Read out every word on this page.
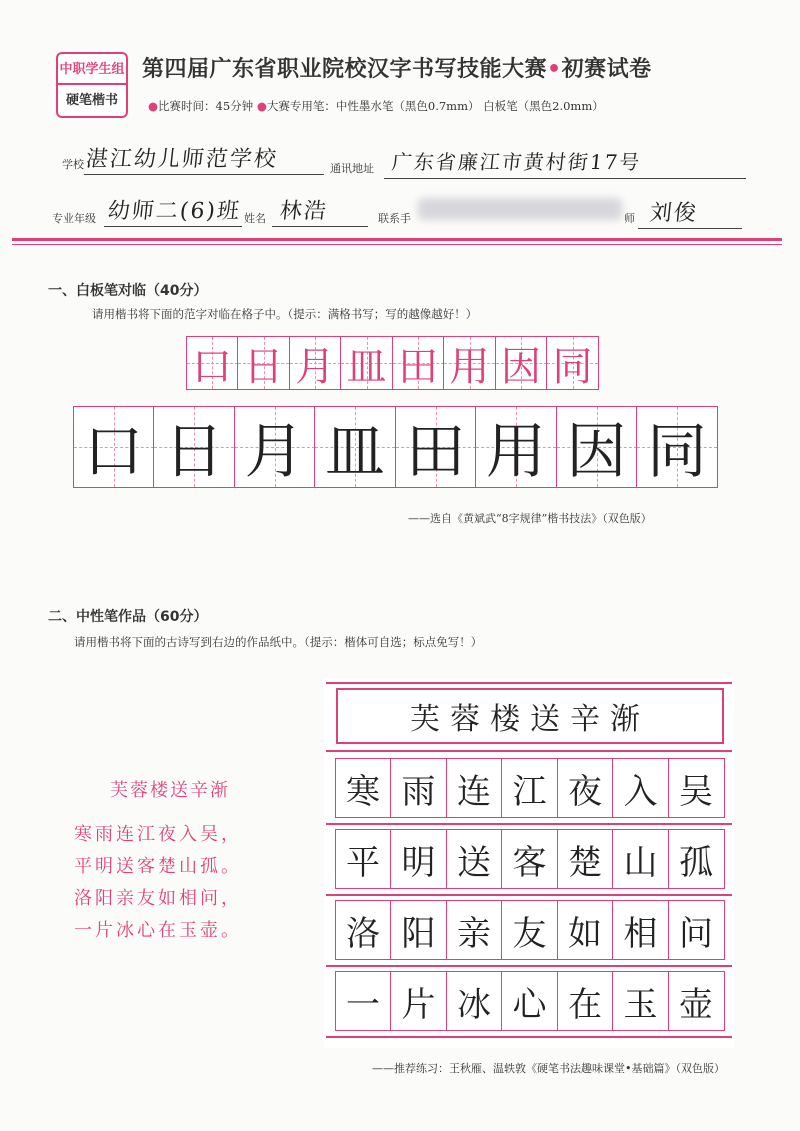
中职学生组
硬笔楷书
第四届广东省职业院校汉字书写技能大赛•初赛试卷
●比赛时间：45分钟 ●大赛专用笔：中性墨水笔（黑色0.7mm） 白板笔（黑色2.0mm）
学校 湛江幼儿师范学校	通讯地址 广东省廉江市黄村街17号
专业年级 幼师二(6)班 姓名 林浩	联系手	师 刘俊
一、白板笔对临（40分）
请用楷书将下面的范字对临在格子中。（提示：满格书写；写的越像越好！）
口 日 月 皿 田 用 因 同
口 日 月 皿 田 用 因 同
——选自《黄斌武“8字规律”楷书技法》（双色版）
二、中性笔作品（60分）
请用楷书将下面的古诗写到右边的作品纸中。（提示：楷体可自选；标点免写！）
芙蓉楼送辛渐
寒雨连江夜入吴，
平明送客楚山孤。
洛阳亲友如相问，
一片冰心在玉壶。
芙蓉楼送辛渐
寒 雨 连 江 夜 入 吴
平 明 送 客 楚 山 孤
洛 阳 亲 友 如 相 问
一 片 冰 心 在 玉 壶
——推荐练习：王秋雁、温轶敦《硬笔书法趣味课堂•基础篇》（双色版）
